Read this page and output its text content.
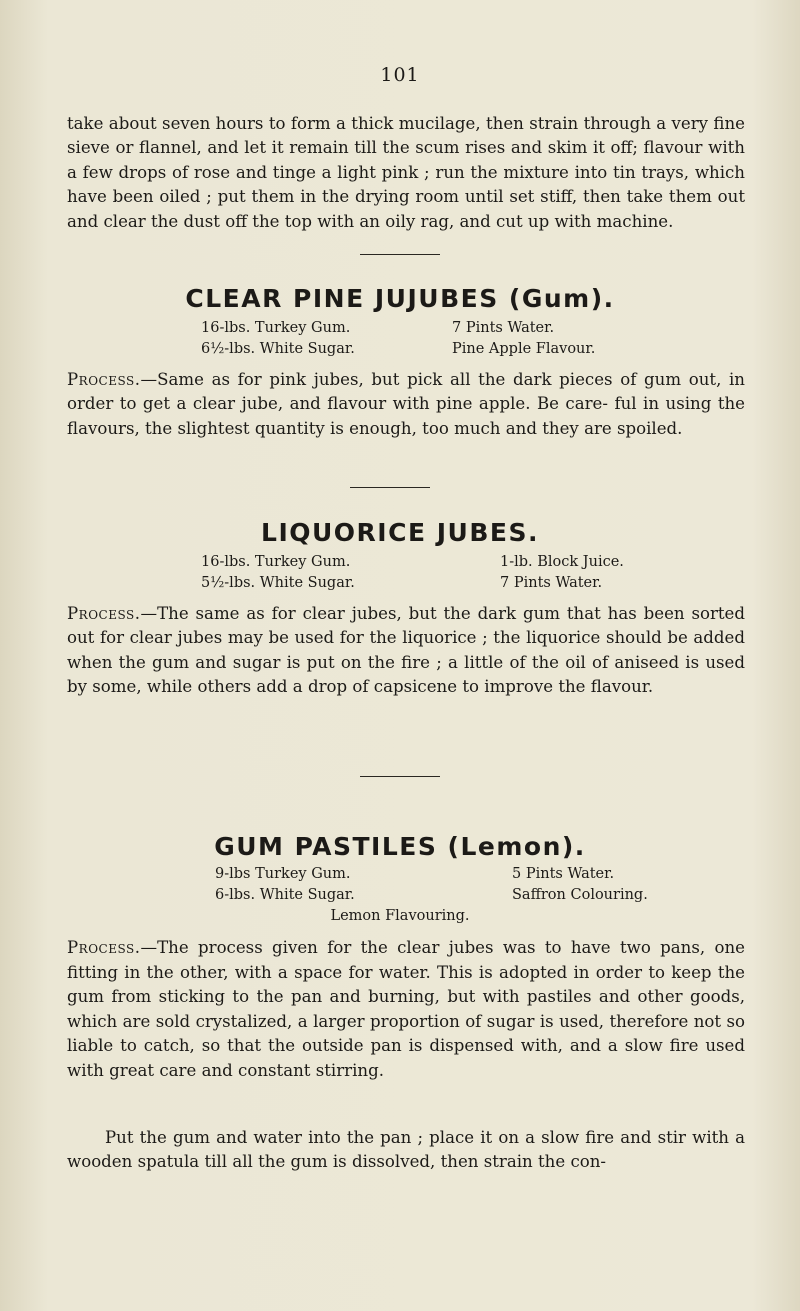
101

take about seven hours to form a thick mucilage, then strain through a very fine sieve or flannel, and let it remain till the scum rises and skim it off; flavour with a few drops of rose and tinge a light pink ; run the mixture into tin trays, which have been oiled ; put them in the drying room until set stiff, then take them out and clear the dust off the top with an oily rag, and cut up with machine.

CLEAR PINE JUJUBES (Gum).
16-lbs. Turkey Gum.	7 Pints Water.
6½-lbs. White Sugar.	Pine Apple Flavour.

Process.—Same as for pink jubes, but pick all the dark pieces of gum out, in order to get a clear jube, and flavour with pine apple. Be care- ful in using the flavours, the slightest quantity is enough, too much and they are spoiled.

LIQUORICE JUBES.
16-lbs. Turkey Gum.	1-lb. Block Juice.
5½-lbs. White Sugar.	7 Pints Water.

Process.—The same as for clear jubes, but the dark gum that has been sorted out for clear jubes may be used for the liquorice ; the liquorice should be added when the gum and sugar is put on the fire ; a little of the oil of aniseed is used by some, while others add a drop of capsicene to improve the flavour.

GUM PASTILES (Lemon).
9-lbs Turkey Gum.	5 Pints Water.
6-lbs. White Sugar.	Saffron Colouring.
Lemon Flavouring.

Process.—The process given for the clear jubes was to have two pans, one fitting in the other, with a space for water. This is adopted in order to keep the gum from sticking to the pan and burning, but with pastiles and other goods, which are sold crystalized, a larger proportion of sugar is used, therefore not so liable to catch, so that the outside pan is dispensed with, and a slow fire used with great care and constant stirring.

Put the gum and water into the pan ; place it on a slow fire and stir with a wooden spatula till all the gum is dissolved, then strain the con-
